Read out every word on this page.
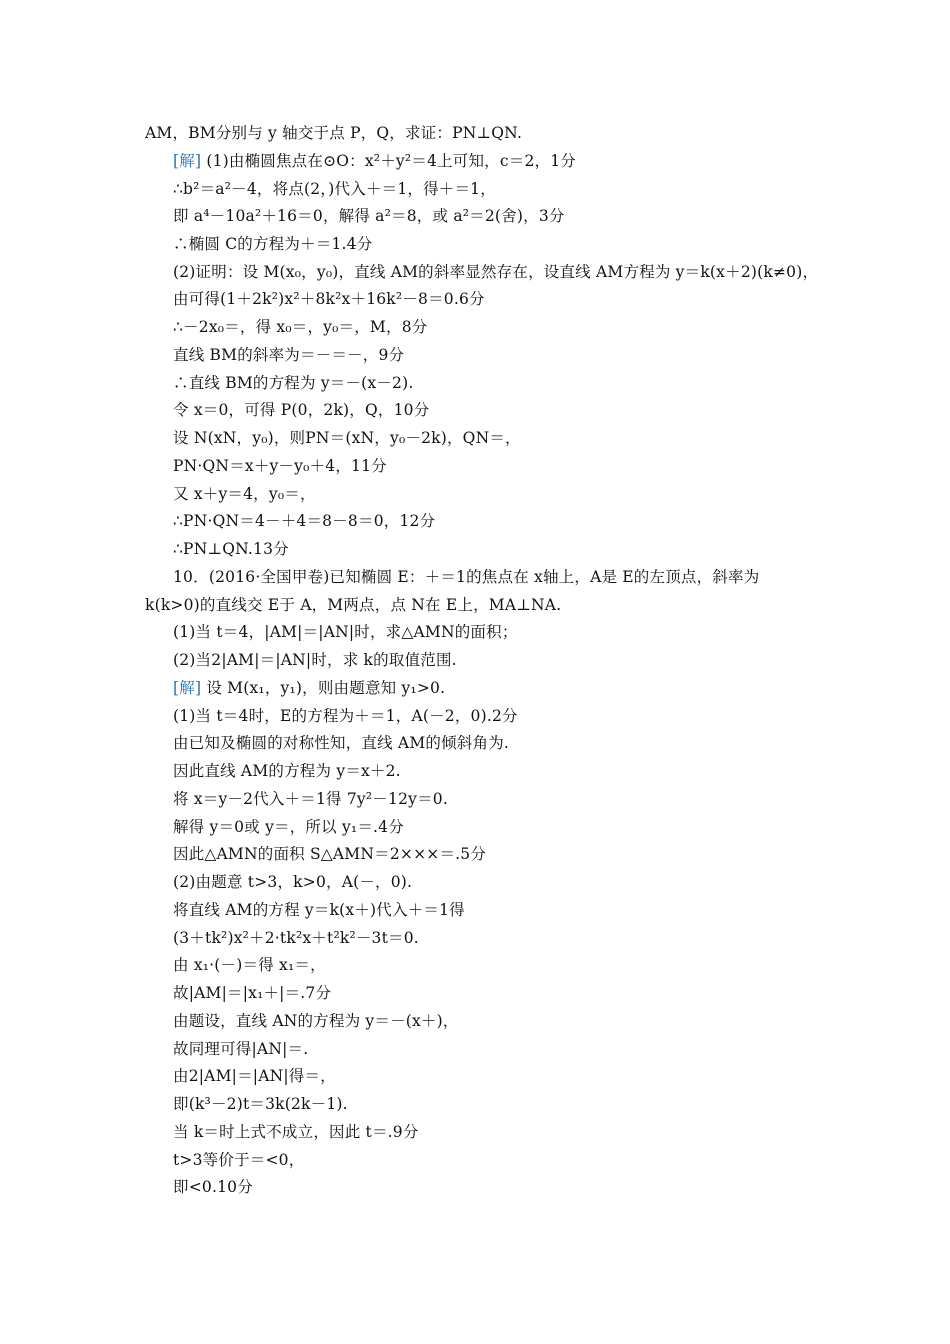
AM，BM分别与 y 轴交于点 P，Q，求证：PN⊥QN.
[解] (1)由椭圆焦点在⊙O：x²＋y²＝4上可知，c＝2，1分
∴b²＝a²－4，将点(2，)代入＋＝1，得＋＝1，
即 a⁴－10a²＋16＝0，解得 a²＝8，或 a²＝2(舍)，3分
∴椭圆 C的方程为＋＝1.4分
(2)证明：设 M(x₀，y₀)，直线 AM的斜率显然存在，设直线 AM方程为 y＝k(x＋2)(k≠0)，
由可得(1＋2k²)x²＋8k²x＋16k²－8＝0.6分
∴－2x₀＝，得 x₀＝，y₀＝，M，8分
直线 BM的斜率为＝－＝－，9分
∴直线 BM的方程为 y＝－(x－2).
令 x＝0，可得 P(0，2k)，Q，10分
设 N(xN，y₀)，则PN＝(xN，y₀－2k)，QN＝，
PN·QN＝x＋y－y₀＋4，11分
又 x＋y＝4，y₀＝，
∴PN·QN＝4－＋4＝8－8＝0，12分
∴PN⊥QN.13分
10．(2016·全国甲卷)已知椭圆 E：＋＝1的焦点在 x轴上，A是 E的左顶点，斜率为
k(k>0)的直线交 E于 A，M两点，点 N在 E上，MA⊥NA.
(1)当 t＝4，|AM|＝|AN|时，求△AMN的面积；
(2)当2|AM|＝|AN|时，求 k的取值范围.
[解] 设 M(x₁，y₁)，则由题意知 y₁>0.
(1)当 t＝4时，E的方程为＋＝1，A(－2，0).2分
由已知及椭圆的对称性知，直线 AM的倾斜角为.
因此直线 AM的方程为 y＝x＋2.
将 x＝y－2代入＋＝1得 7y²－12y＝0.
解得 y＝0或 y＝，所以 y₁＝.4分
因此△AMN的面积 S△AMN＝2×××＝.5分
(2)由题意 t>3，k>0，A(－，0).
将直线 AM的方程 y＝k(x＋)代入＋＝1得
(3＋tk²)x²＋2·tk²x＋t²k²－3t＝0.
由 x₁·(－)＝得 x₁＝，
故|AM|＝|x₁＋|＝.7分
由题设，直线 AN的方程为 y＝－(x＋)，
故同理可得|AN|＝.
由2|AM|＝|AN|得＝，
即(k³－2)t＝3k(2k－1).
当 k＝时上式不成立，因此 t＝.9分
t>3等价于＝<0，
即<0.10分
